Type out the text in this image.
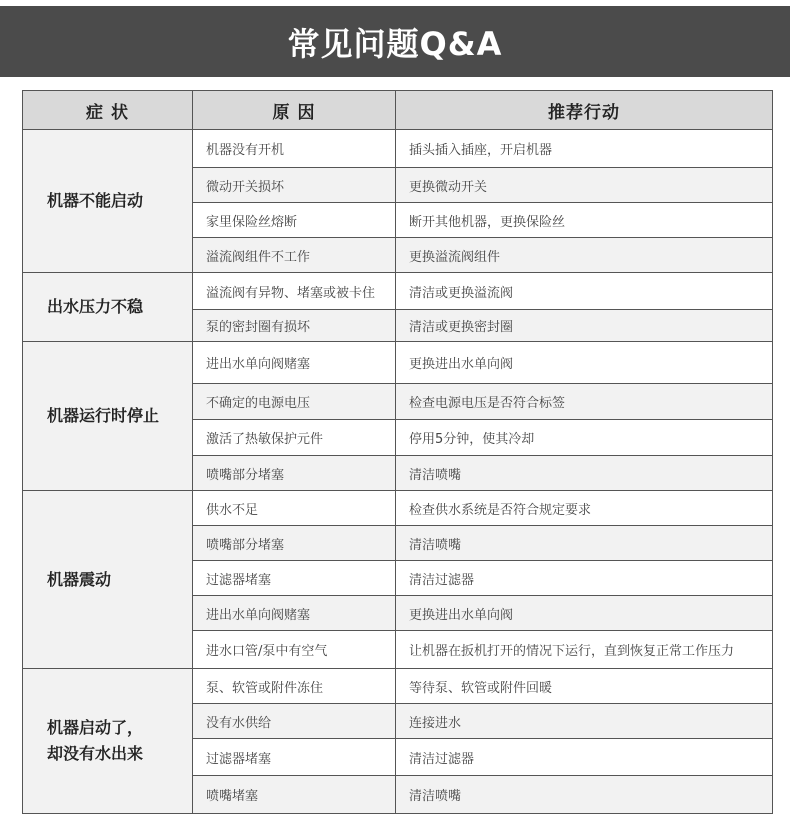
常见问题Q&A
症 状	原 因	推荐行动
机器不能启动	机器没有开机	插头插入插座，开启机器
	微动开关损坏	更换微动开关
	家里保险丝熔断	断开其他机器，更换保险丝
	溢流阀组件不工作	更换溢流阀组件
出水压力不稳	溢流阀有异物、堵塞或被卡住	清洁或更换溢流阀
	泵的密封圈有损坏	清洁或更换密封圈
机器运行时停止	进出水单向阀赌塞	更换进出水单向阀
	不确定的电源电压	检查电源电压是否符合标签
	激活了热敏保护元件	停用5分钟，使其冷却
	喷嘴部分堵塞	清洁喷嘴
机器震动	供水不足	检查供水系统是否符合规定要求
	喷嘴部分堵塞	清洁喷嘴
	过滤器堵塞	清洁过滤器
	进出水单向阀赌塞	更换进出水单向阀
	进水口管/泵中有空气	让机器在扳机打开的情况下运行，直到恢复正常工作压力
机器启动了，
却没有水出来	泵、软管或附件冻住	等待泵、软管或附件回暖
	没有水供给	连接进水
	过滤器堵塞	清洁过滤器
	喷嘴堵塞	清洁喷嘴
